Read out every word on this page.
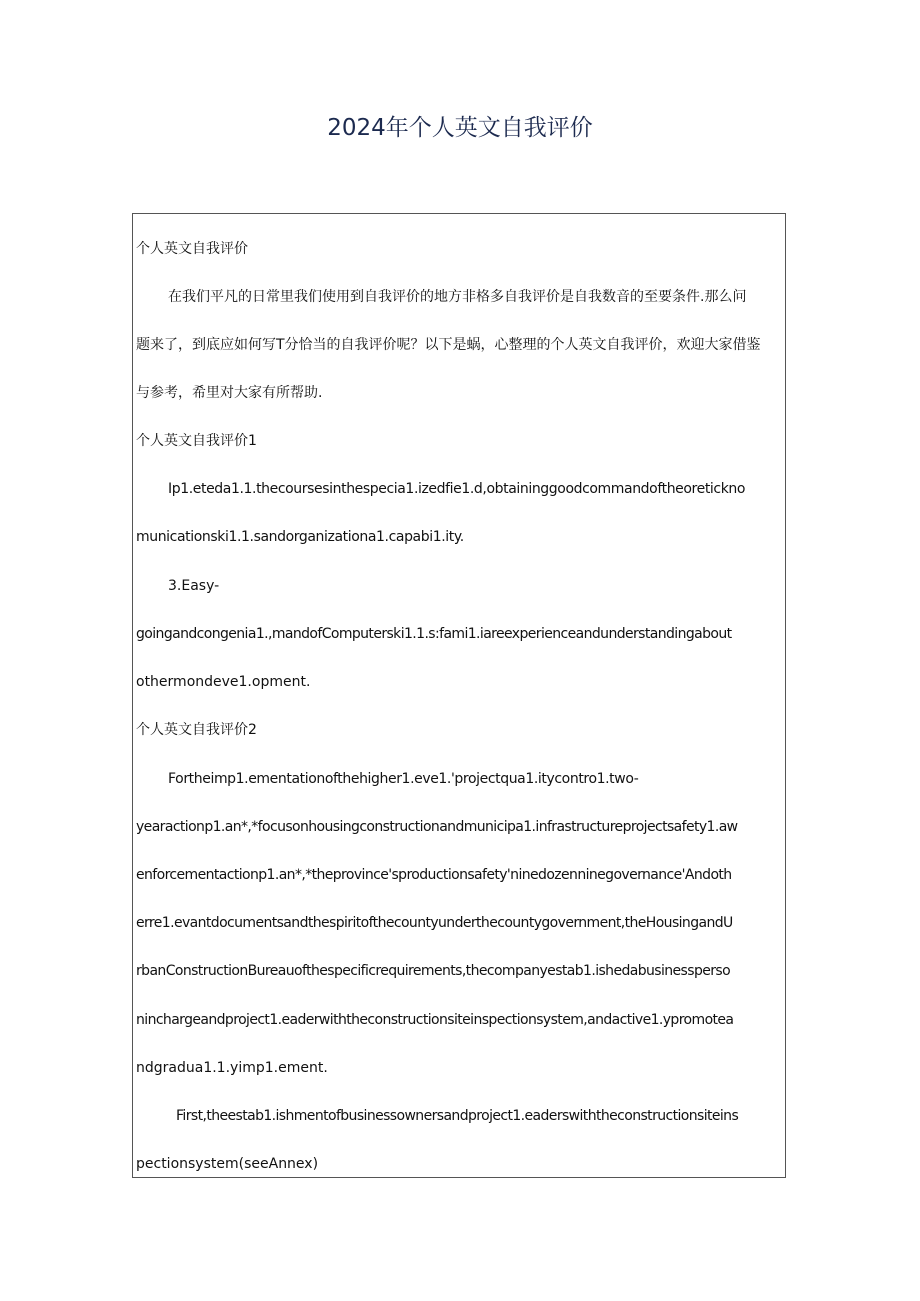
2024年个人英文自我评价
个人英文自我评价
在我们平凡的日常里我们使用到自我评价的地方非格多自我评价是自我数音的至要条件.那么问
题来了，到底应如何写T分恰当的自我评价呢？以下是蜗，心整理的个人英文自我评价，欢迎大家借鉴
与参考，希里对大家有所帮助.
个人英文自我评价1
Ip1.eteda1.1.thecoursesinthespecia1.izedfie1.d,obtaininggoodcommandoftheoretickno
municationski1.1.sandorganizationa1.capabi1.ity.
3.Easy-
goingandcongenia1.,mandofComputerski1.1.s:fami1.iareexperienceandunderstandingabout
othermondeve1.opment.
个人英文自我评价2
Fortheimp1.ementationofthehigher1.eve1.'projectqua1.itycontro1.two-
yearactionp1.an*,*focusonhousingconstructionandmunicipa1.infrastructureprojectsafety1.aw
enforcementactionp1.an*,*theprovince'sproductionsafety'ninedozenninegovernance'Andoth
erre1.evantdocumentsandthespiritofthecountyunderthecountygovernment,theHousingandU
rbanConstructionBureauofthespecificrequirements,thecompanyestab1.ishedabusinessperso
ninchargeandproject1.eaderwiththeconstructionsiteinspectionsystem,andactive1.ypromotea
ndgradua1.1.yimp1.ement.
First,theestab1.ishmentofbusinessownersandproject1.eaderswiththeconstructionsiteins
pectionsystem(seeAnnex)
